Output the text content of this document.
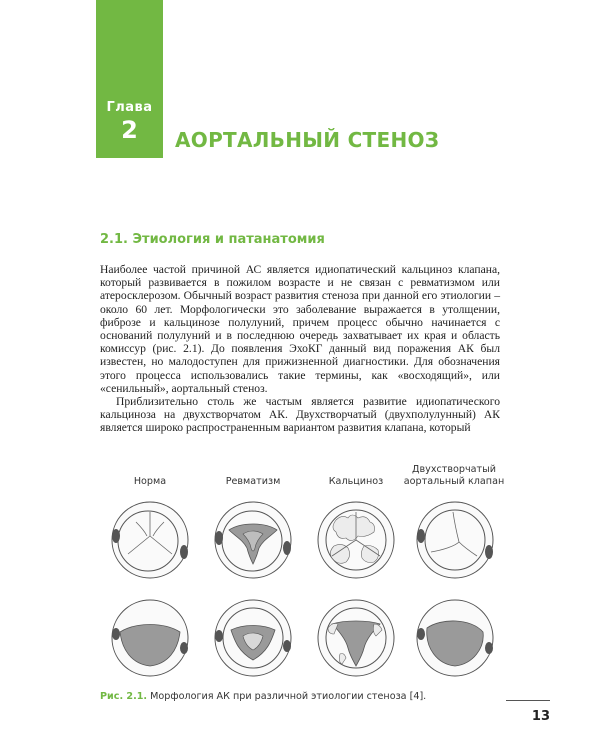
Глава
2	АОРТАЛЬНЫЙ СТЕНОЗ
2.1. Этиология и патанатомия

Наиболее частой причиной АС является идиопатический кальциноз клапана, который развивается в пожилом возрасте и не связан с ревматизмом или атеросклерозом. Обычный возраст развития стеноза при данной его этиологии – около 60 лет. Морфологически это заболевание выражается в утолщении, фиброзе и кальцинозе полулуний, причем процесс обычно начинается с оснований полулуний и в последнюю очередь захватывает их края и область комиссур (рис. 2.1). До появления ЭхоКГ данный вид поражения АК был известен, но малодоступен для прижизненной диагностики. Для обозначения этого процесса использовались такие термины, как «восходящий», или «сенильный», аортальный стеноз.

Приблизительно столь же частым является развитие идиопатического кальциноза на двухстворчатом АК. Двухстворчатый (двухполулунный) АК является широко распространенным вариантом развития клапана, который

Норма	Ревматизм	Кальциноз
Двухстворчатый
аортальный клапан
Рис. 2.1. Морфология АК при различной этиологии стеноза [4].
13
